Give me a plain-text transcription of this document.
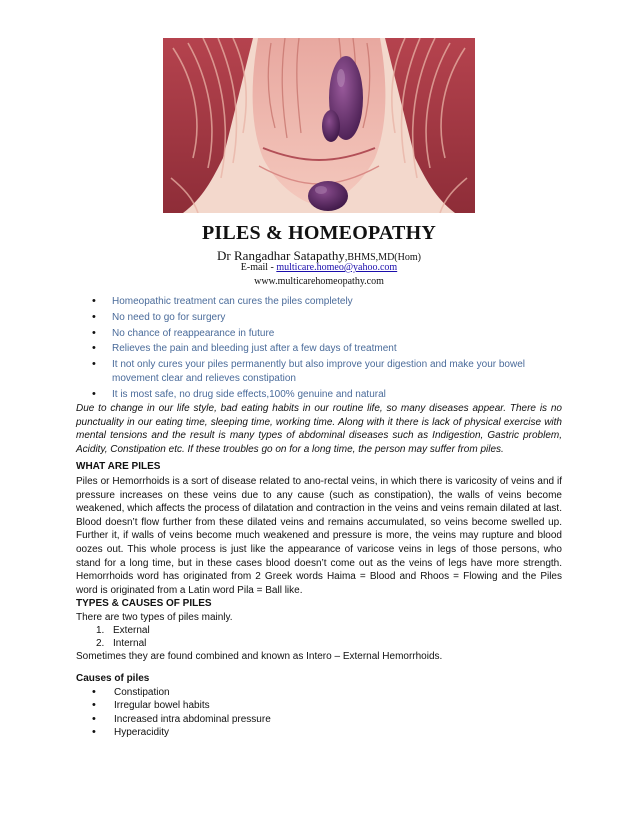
PILES & HOMEOPATHY
Dr Rangadhar Satapathy,BHMS,MD(Hom)
E-mail - multicare.homeo@yahoo.com
www.multicarehomeopathy.com
• Homeopathic treatment can cures the piles completely
• No need to go for surgery
• No chance of reappearance in future
• Relieves the pain and bleeding just after a few days of treatment
• It not only cures your piles permanently but also improve your digestion and make your bowel movement clear and relieves constipation
• It is most safe, no drug side effects,100% genuine and natural

Due to change in our life style, bad eating habits in our routine life, so many diseases appear. There is no punctuality in our eating time, sleeping time, working time. Along with it there is lack of physical exercise with mental tensions and the result is many types of abdominal diseases such as Indigestion, Gastric problem, Acidity, Constipation etc. If these troubles go on for a long time, the person may suffer from piles.

WHAT ARE PILES

Piles or Hemorrhoids is a sort of disease related to ano-rectal veins, in which there is varicosity of veins and if pressure increases on these veins due to any cause (such as constipation), the walls of veins become weakened, which affects the process of dilatation and contraction in the veins and veins remain dilated at last. Blood doesn’t flow further from these dilated veins and remains accumulated, so veins become swelled up. Further it, if walls of veins become much weakened and pressure is more, the veins may rupture and blood oozes out. This whole process is just like the appearance of varicose veins in legs of those persons, who stand for a long time, but in these cases blood doesn’t come out as the veins of legs have more strength. Hemorrhoids word has originated from 2 Greek words Haima = Blood and Rhoos = Flowing and the Piles word is originated from a Latin word Pila = Ball like.

TYPES & CAUSES OF PILES

There are two types of piles mainly.

1. External
2. Internal

Sometimes they are found combined and known as Intero – External Hemorrhoids.

Causes of piles

• Constipation
• Irregular bowel habits
• Increased intra abdominal pressure
• Hyperacidity
